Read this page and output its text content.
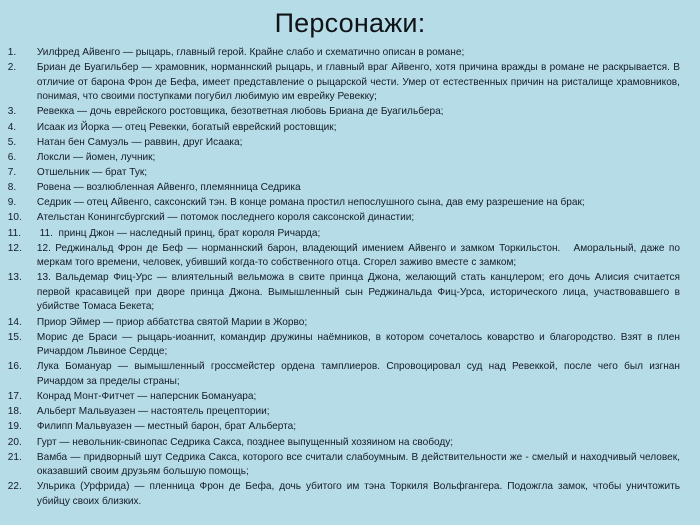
Персонажи:
1.	Уилфред Айвенго — рыцарь, главный герой. Крайне слабо и схематично описан в романе;
2.	Бриан де Буагильбер — храмовник, норманнский рыцарь, и главный враг Айвенго, хотя причина вражды в романе не раскрывается. В отличие от барона Фрон де Бефа, имеет представление о рыцарской чести. Умер от естественных причин на ристалище храмовников, понимая, что своими поступками погубил любимую им еврейку Ревекку;
3.	Ревекка — дочь еврейского ростовщика, безответная любовь Бриана де Буагильбера;
4.	Исаак из Йорка — отец Ревекки, богатый еврейский ростовщик;
5.	Натан бен Самуэль — раввин, друг Исаака;
6.	Локсли — йомен, лучник;
7.	Отшельник — брат Тук;
8.	Ровена — возлюбленная Айвенго, племянница Седрика
9.	Седрик — отец Айвенго, саксонский тэн. В конце романа простил непослушного сына, дав ему разрешение на брак;
10.	Ательстан Конингсбургский — потомок последнего короля саксонской династии;
11.	11.  принц Джон — наследный принц, брат короля Ричарда;
12.	12. Реджинальд Фрон де Беф — норманнский барон, владеющий имением Айвенго и замком Торкильстон.   Аморальный, даже по меркам того времени, человек, убивший когда-то собственного отца. Сгорел заживо вместе с замком;
13.	13. Вальдемар Фиц-Урс — влиятельный вельможа в свите принца Джона, желающий стать канцлером; его дочь Алисия считается первой красавицей при дворе принца Джона. Вымышленный сын Реджинальда Фиц-Урса, исторического лица, участвовавшего в убийстве Томаса Бекета;
14.	Приор Эймер — приор аббатства святой Марии в Жорво;
15.	Морис де Браси — рыцарь-иоаннит, командир дружины наёмников, в котором сочеталось коварство и благородство. Взят в плен Ричардом Львиное Сердце;
16.	Лука Бомануар — вымышленный гроссмейстер ордена тамплиеров. Спровоцировал суд над Ревеккой, после чего был изгнан Ричардом за пределы страны;
17.	Конрад Монт-Фитчет — наперсник Бомануара;
18.	Альберт Мальвуазен — настоятель прецептории;
19.	Филипп Мальвуазен — местный барон, брат Альберта;
20.	Гурт — невольник-свинопас Седрика Сакса, позднее выпущенный хозяином на свободу;
21.	Вамба — придворный шут Седрика Сакса, которого все считали слабоумным. В действительности же - смелый и находчивый человек, оказавший своим друзьям большую помощь;
22.	Ульрика (Урфрида) — пленница Фрон де Бефа, дочь убитого им тэна Торкиля Вольфгангера. Подожгла замок, чтобы уничтожить убийцу своих близких.
